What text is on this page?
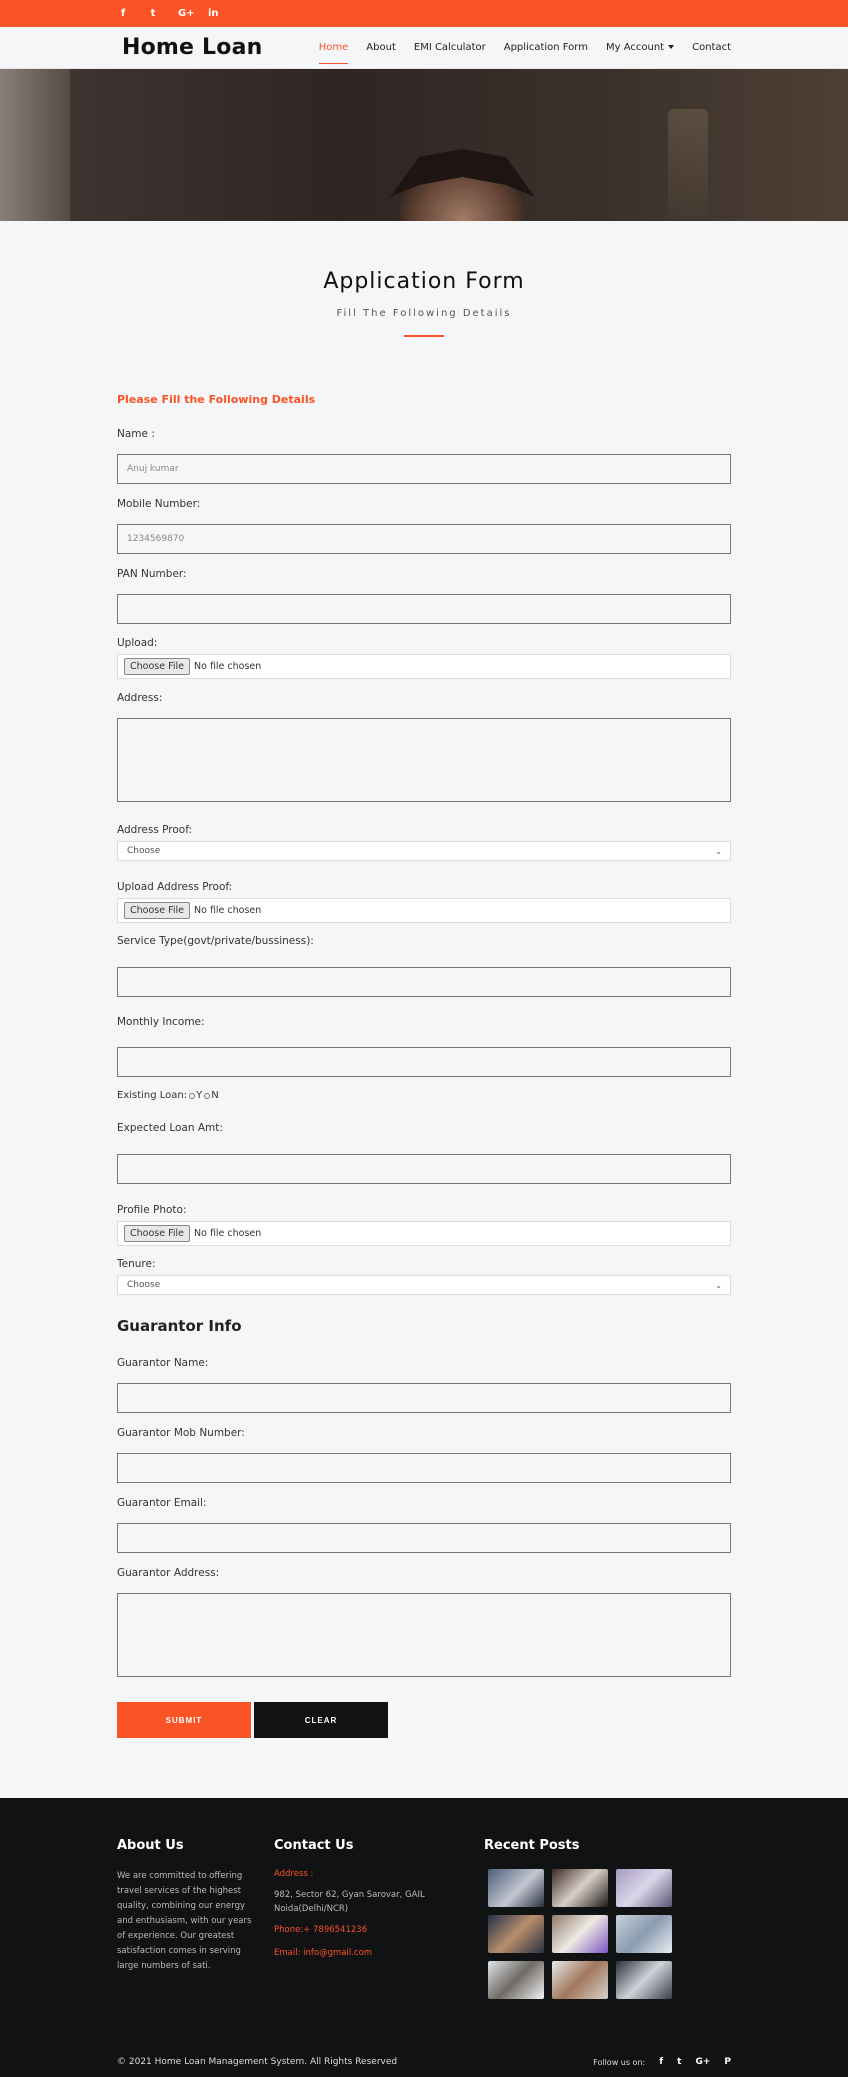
f	t G+ in
Home Loan	Home About EMI Calculator Application Form My Account	Contact
Application Form

Fill The Following Details

Please Fill the Following Details
Name :
Anuj kumar
Mobile Number:
1234569870
PAN Number:
Upload:
Choose File	No file chosen
Address:
Address Proof:
Choose	⌄
Upload Address Proof:
Choose File	No file chosen
Service Type(govt/private/bussiness):
Monthly Income:
Existing Loan: Y N
Expected Loan Amt:
Profile Photo:
Choose File	No file chosen
Tenure:
Choose	⌄
Guarantor Info
Guarantor Name:
Guarantor Mob Number:
Guarantor Email:
Guarantor Address:
SUBMIT	CLEAR
About Us
We are committed to offering travel services of the highest quality, combining our energy and enthusiasm, with our years of experience. Our greatest satisfaction comes in serving large numbers of sati.
Contact Us
Address :
982, Sector 62, Gyan Sarovar, GAIL Noida(Delhi/NCR)
Phone:+ 7896541236
Email: info@gmail.com
Recent Posts
© 2021 Home Loan Management System. All Rights Reserved	Follow us on: f t G+ P
